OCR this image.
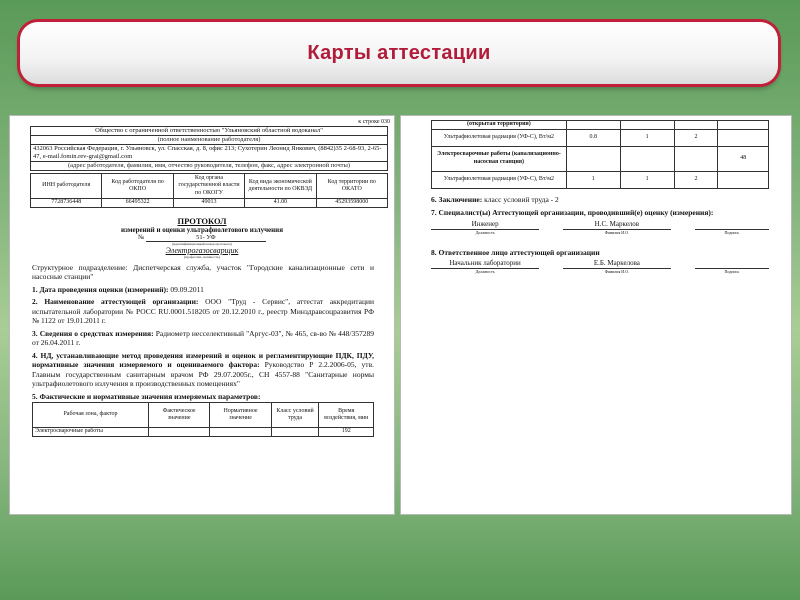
Карты аттестации
к строке 030
Общество с ограниченной ответственностью "Ульяновский областной водоканал"
(полное наименование работодателя)
432063 Российская Федерация, г. Ульяновск, ул. Спасская, д. 8, офис 213; Сухотерин Леонид Янкович, (8842)35 2-68-93, 2-65-47, e-mail.fomin.rev-grai@gmail.com
(адрес работодателя, фамилия, имя, отчество руководителя, телефон, факс, адрес электронной почты)
ИНН работодателя	Код работодателя по ОКПО	Код органа государственной власти по ОКОГУ	Код вида экономической деятельности по ОКВЭД	Код территории по ОКАТО
7728736448	66495322	49013	41.00	45293598000
ПРОТОКОЛ
измерений и оценки ультрафиолетового излучения
№	51- УФ
(идентификационный номер протокола)
Электрогазосварщик
(профессия, должность)
Структурное подразделение: Диспетчерская служба, участок "Городские канализационные сети и насосные станции"
1. Дата проведения оценки (измерений): 09.09.2011
2. Наименование аттестующей организации: ООО "Труд - Сервис", аттестат аккредитации испытательной лаборатории № РОСС RU.0001.518205 от 20.12.2010 г., реестр Минздравсоцразвития РФ № 1122 от 19.01.2011 г.
3. Сведения о средствах измерения: Радиометр несселективный "Аргус-03", № 465, св-во № 448/357289 от 26.04.2011 г.
4. НД, устанавливающие метод проведения измерений и оценок и регламентирующие ПДК, ПДУ, нормативные значения измеряемого и оцениваемого фактора: Руководство Р 2.2.2006-05, утв. Главным государственным санитарным врачом РФ 29.07.2005г., СН 4557-88 "Санитарные нормы ультрафиолетового излучения в производственных помещениях"
5. Фактические и нормативные значения измеряемых параметров:
Рабочая зона, фактор	Фактическое значение	Нормативное значение	Класс условий труда	Время воздействия, мин
Электросварочные работы				192
(открытая территория)				
Ультрафиолетовая радиация (УФ-С), Вт/м2	0.8	1	2	
Электросварочные работы (канализационно-насосная станция)				48
Ультрафиолетовая радиация (УФ-С), Вт/м2	1	1	2	
6. Заключение: класс условий труда - 2
7. Специалист(ы) Аттестующей организации, проводивший(е) оценку (измерения):
Инженер
Должность
Н.С. Маркелов
Фамилия И.О.
	Подпись
8. Ответственное лицо аттестующей организации
Начальник лаборатории
Должность
Е.Б. Маркелова
Фамилия И.О.
	Подпись
